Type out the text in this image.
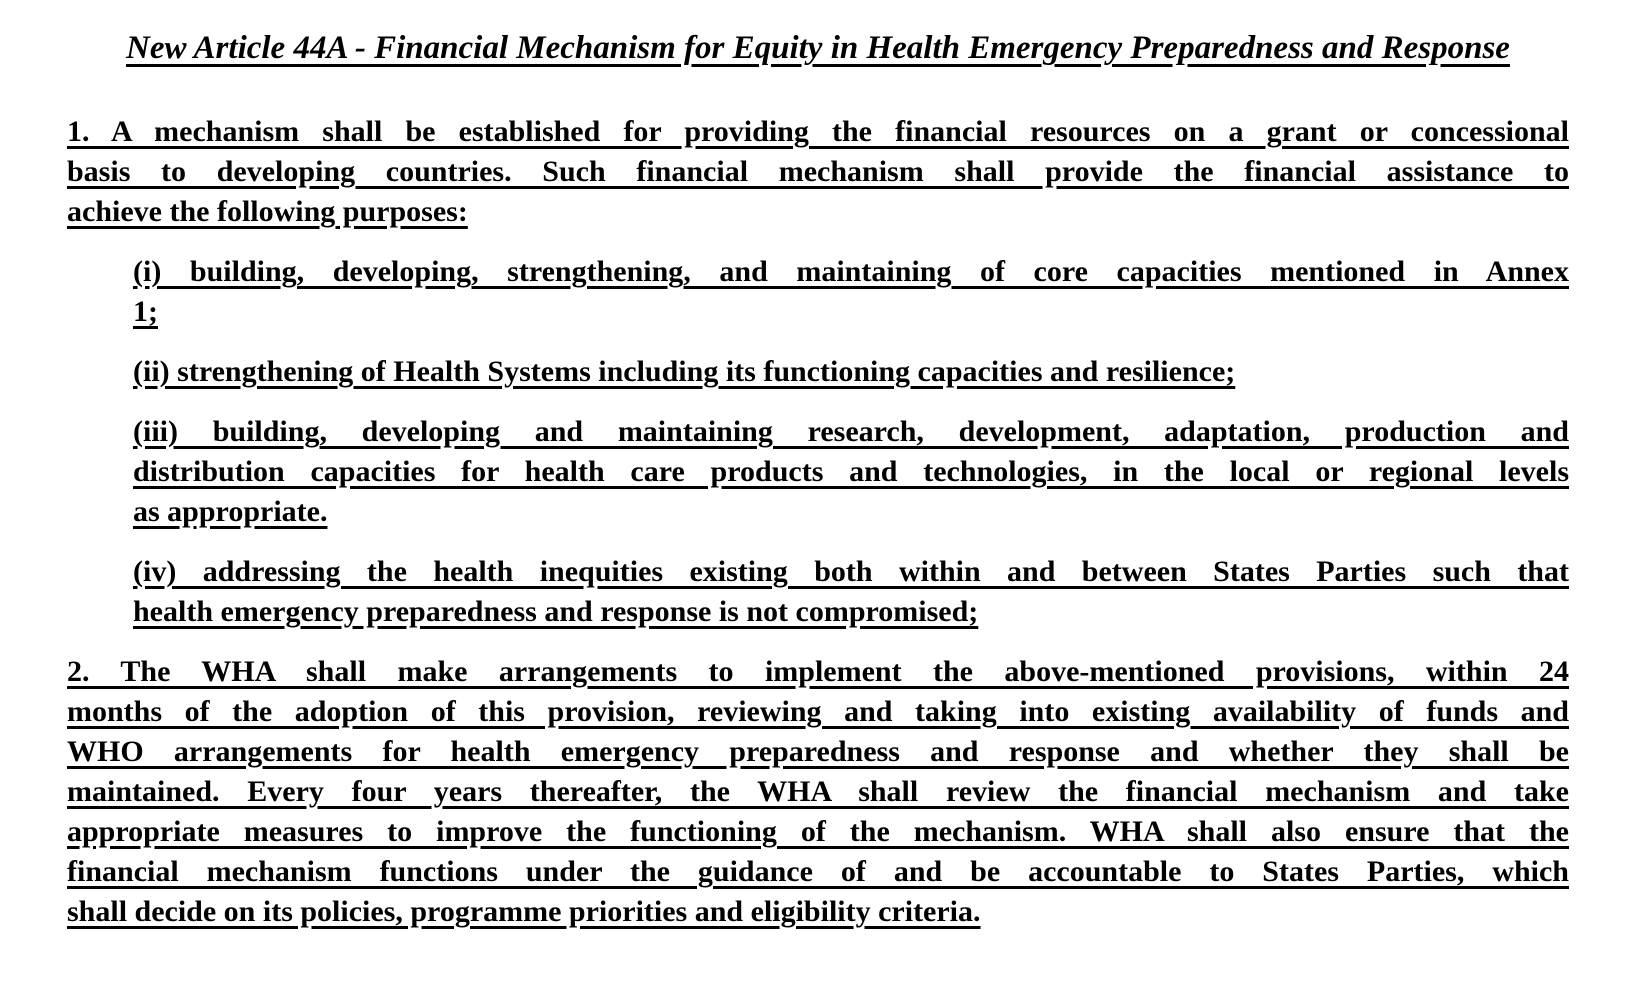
New Article 44A - Financial Mechanism for Equity in Health Emergency Preparedness and Response
1. A mechanism shall be established for providing the financial resources on a grant or concessional
basis to developing countries. Such financial mechanism shall provide the financial assistance to
achieve the following purposes:
(i) building, developing, strengthening, and maintaining of core capacities mentioned in Annex
1;
(ii) strengthening of Health Systems including its functioning capacities and resilience;
(iii) building, developing and maintaining research, development, adaptation, production and
distribution capacities for health care products and technologies, in the local or regional levels
as appropriate.
(iv) addressing the health inequities existing both within and between States Parties such that
health emergency preparedness and response is not compromised;
2. The WHA shall make arrangements to implement the above-mentioned provisions, within 24
months of the adoption of this provision, reviewing and taking into existing availability of funds and
WHO arrangements for health emergency preparedness and response and whether they shall be
maintained. Every four years thereafter, the WHA shall review the financial mechanism and take
appropriate measures to improve the functioning of the mechanism. WHA shall also ensure that the
financial mechanism functions under the guidance of and be accountable to States Parties, which
shall decide on its policies, programme priorities and eligibility criteria.
